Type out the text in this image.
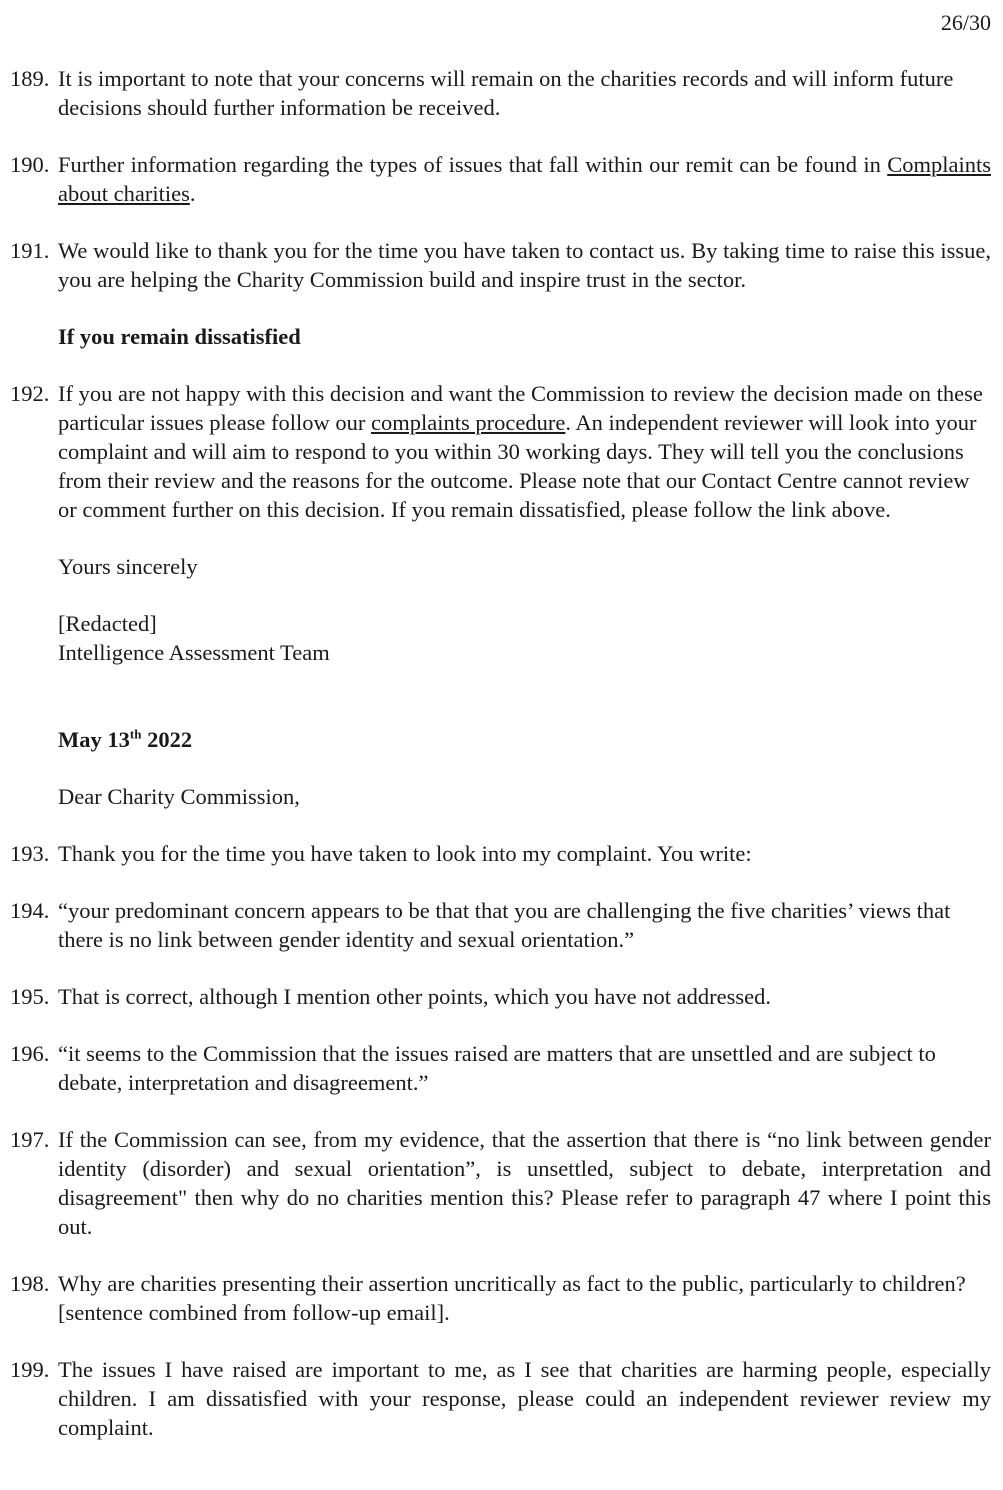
26/30
189. It is important to note that your concerns will remain on the charities records and will inform future decisions should further information be received.
190. Further information regarding the types of issues that fall within our remit can be found in Complaints about charities.
191. We would like to thank you for the time you have taken to contact us. By taking time to raise this issue, you are helping the Charity Commission build and inspire trust in the sector.
If you remain dissatisfied
192. If you are not happy with this decision and want the Commission to review the decision made on these particular issues please follow our complaints procedure. An independent reviewer will look into your complaint and will aim to respond to you within 30 working days. They will tell you the conclusions from their review and the reasons for the outcome. Please note that our Contact Centre cannot review or comment further on this decision. If you remain dissatisfied, please follow the link above.
Yours sincerely
[Redacted]
Intelligence Assessment Team
May 13th 2022
Dear Charity Commission,
193. Thank you for the time you have taken to look into my complaint. You write:
194. “your predominant concern appears to be that that you are challenging the five charities’ views that there is no link between gender identity and sexual orientation.”
195. That is correct, although I mention other points, which you have not addressed.
196. “it seems to the Commission that the issues raised are matters that are unsettled and are subject to debate, interpretation and disagreement.”
197. If the Commission can see, from my evidence, that the assertion that there is “no link between gender identity (disorder) and sexual orientation”, is unsettled, subject to debate, interpretation and disagreement" then why do no charities mention this? Please refer to paragraph 47 where I point this out.
198. Why are charities presenting their assertion uncritically as fact to the public, particularly to children? [sentence combined from follow-up email].
199. The issues I have raised are important to me, as I see that charities are harming people, especially children. I am dissatisfied with your response, please could an independent reviewer review my complaint.
